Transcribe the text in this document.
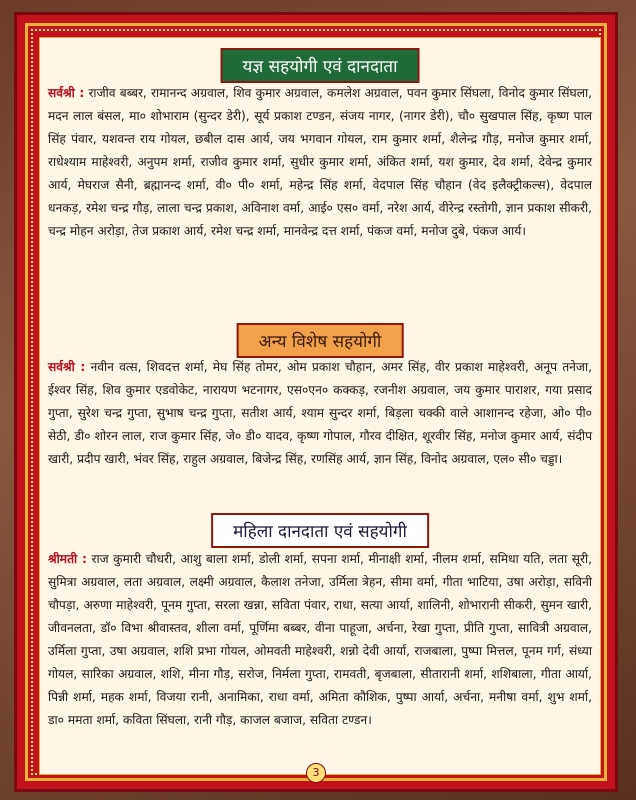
यज्ञ सहयोगी एवं दानदाता
सर्वश्री : राजीव बब्बर, रामानन्द अग्रवाल, शिव कुमार अग्रवाल, कमलेश अग्रवाल, पवन कुमार सिंघला, विनोद कुमार सिंघला, मदन लाल बंसल, मा० शोभाराम (सुन्दर डेरी), सूर्य प्रकाश टण्डन, संजय नागर, (नागर डेरी), चौ० सुखपाल सिंह, कृष्ण पाल सिंह पंवार, यशवन्त राय गोयल, छबील दास आर्य, जय भगवान गोयल, राम कुमार शर्मा, शैलेन्द्र गौड़, मनोज कुमार शर्मा, राधेश्याम माहेश्वरी, अनुपम शर्मा, राजीव कुमार शर्मा, सुधीर कुमार शर्मा, अंकित शर्मा, यश कुमार, देव शर्मा, देवेन्द्र कुमार आर्य, मेघराज सैनी, ब्रह्मानन्द शर्मा, वी० पी० शर्मा, महेन्द्र सिंह शर्मा, वेदपाल सिंह चौहान (वेद इलैक्ट्रीकल्स), वेदपाल धनकड़, रमेश चन्द्र गौड़, लाला चन्द्र प्रकाश, अविनाश वर्मा, आई० एस० वर्मा, नरेश आर्य, वीरेन्द्र रस्तोगी, ज्ञान प्रकाश सीकरी, चन्द्र मोहन अरोड़ा, तेज प्रकाश आर्य, रमेश चन्द्र शर्मा, मानवेन्द्र दत्त शर्मा, पंकज वर्मा, मनोज दुबे, पंकज आर्य।
अन्य विशेष सहयोगी
सर्वश्री : नवीन वत्स, शिवदत्त शर्मा, मेघ सिंह तोमर, ओम प्रकाश चौहान, अमर सिंह, वीर प्रकाश माहेश्वरी, अनूप तनेजा, ईश्वर सिंह, शिव कुमार एडवोकेट, नारायण भटनागर, एस०एन० कक्कड़, रजनीश अग्रवाल, जय कुमार पाराशर, गया प्रसाद गुप्ता, सुरेश चन्द्र गुप्ता, सुभाष चन्द्र गुप्ता, सतीश आर्य, श्याम सुन्दर शर्मा, बिड़ला चक्की वाले आशानन्द रहेजा, ओ० पी० सेठी, डी० शोरन लाल, राज कुमार सिंह, जे० डी० यादव, कृष्ण गोपाल, गौरव दीक्षित, शूरवीर सिंह, मनोज कुमार आर्य, संदीप खारी, प्रदीप खारी, भंवर सिंह, राहुल अग्रवाल, बिजेन्द्र सिंह, रणसिंह आर्य, ज्ञान सिंह, विनोद अग्रवाल, एल० सी० चड्डा।
महिला दानदाता एवं सहयोगी
श्रीमती : राज कुमारी चौधरी, आशु बाला शर्मा, डोली शर्मा, सपना शर्मा, मीनाक्षी शर्मा, नीलम शर्मा, समिधा यति, लता सूरी, सुमित्रा अग्रवाल, लता अग्रवाल, लक्ष्मी अग्रवाल, कैलाश तनेजा, उर्मिला त्रेहन, सीमा वर्मा, गीता भाटिया, उषा अरोड़ा, सविनी चौपड़ा, अरुणा माहेश्वरी, पूनम गुप्ता, सरला खन्ना, सविता पंवार, राधा, सत्या आर्या, शालिनी, शोभारानी सीकरी, सुमन खारी, जीवनलता, डॉ० विभा श्रीवास्तव, शीला वर्मा, पूर्णिमा बब्बर, वीना पाहूजा, अर्चना, रेखा गुप्ता, प्रीति गुप्ता, सावित्री अग्रवाल, उर्मिला गुप्ता, उषा अग्रवाल, शशि प्रभा गोयल, ओमवती माहेश्वरी, शन्नो देवी आर्या, राजबाला, पुष्पा मित्तल, पूनम गर्ग, संध्या गोयल, सारिका अग्रवाल, शशि, मीना गौड़, सरोज, निर्मला गुप्ता, रामवती, बृजबाला, सीतारानी शर्मा, शशिबाला, गीता आर्या, पिन्नी शर्मा, महक शर्मा, विजया रानी, अनामिका, राधा वर्मा, अमिता कौशिक, पुष्पा आर्या, अर्चना, मनीषा वर्मा, शुभ शर्मा, डा० ममता शर्मा, कविता सिंघला, रानी गौड़, काजल बजाज, सविता टण्डन।
3
